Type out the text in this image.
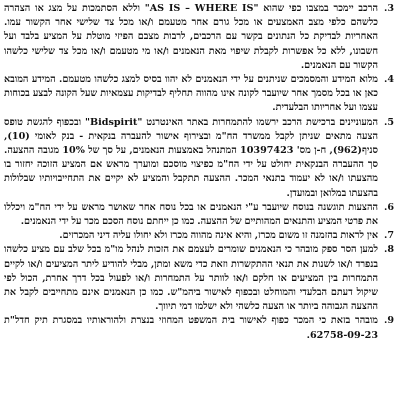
3.
הרכב יימכר במצבו כפי שהוא "AS IS – WHERE IS" וללא הסתמכות על מצג או הצהרה כלשהם כלפי מצב האמצעים או מכל גורם אחר מטעמם ו/או מכל צד שלישי אחר הקשור עמו. האחריות לבדיקת כל הנתונים בקשר עם הרכבים, לרבות מצבם הפיזי מוטלת על המציע בלבד ועל חשבונו, ללא כל אפשרות לקבלת שיפוי מאת הנאמנים ו/או מי מטעמם ו/או מכל צד שלישי כלשהו הקשור עם הנאמנים.
4.
מלוא המידע והמסמכים שניתנים על ידי הנאמנים לא יהוו בסיס למצג כלשהו מטעמם. המידע המובא כאן או בכל מסמך אחר שיועבר לקונה אינו מהווה תחליף לבדיקות עצמאיות שעל הקונה לבצע בכוחות עצמו ועל אחריותו הבלעדית.
5.
המעוניינים ברכישת הרכב ירשמו להתמחרות באתר האינטרנט "Bidspirit" ובכפוף להגשת טופס הצעה מתאים שניתן לקבל ממשרד הח"מ ובצירוף אישור להעברה בנקאית - בנק לאומי (10), סניף(962), ח-ן מס' 10397423 המתנהל באמצעות הנאמנים, על סך של 10% מגובה ההצעה. סך ההעברה הבנקאית יחולט על ידי הח"מ כפיצוי מוסכם ומוערך מראש אם המציע הזוכה יחזור בו מהצעתו ו/או לא יעמוד בתנאי המכר. ההצעה תתקבל והמציע לא יקיים את התחייבויותיו שבלולות בהצעתו במלואן ובמועדן.
6.
ההצעות תוגשנה בנוסח שיועבר ע"י הנאמנים או בכל נוסח אחר שאושר מראש על ידי הח"מ ויכללו את פרטי המציע והתנאים המהותיים של ההצעה. כמו כן ייחתם נוסח הסכם מכר על ידי הנאמנים.
7.
אין לראות בהזמנה זו משום מכרז, והיא אינה מהווה מכרז ולא יחולו עליה דיני המכרזים.
8.
למען הסר ספק מובהר כי הנאמנים שומרים לעצמם את הזכות לנהל מו"מ בכל שלב עם מציע כלשהו בנפרד ו/או לשנות את תנאי ההתקשרות וזאת כדי משא ומתן, מבלי להודיע ליתר המציעים ו/או לקיים התמחרות בין המציעים או חלקם ו/או לוותר על התמחרות ו/או לפעול בכל דרך אחרת, הכול לפי שיקול דעתם הבלעדי והמוחלט ובכפוף לאישור ביהמ"ש. כמו כן הנאמנים אינם מתחייבים לקבל את ההצעה הגבוהה ביותר או הצעה כלשהי ולא ישלמו דמי תיווך.
9.
מובהר בזאת כי המכר כפוף לאישור בית המשפט המחוזי בנצרת ולהוראותיו במסגרת תיק חדל"ת 62758-09-23.
